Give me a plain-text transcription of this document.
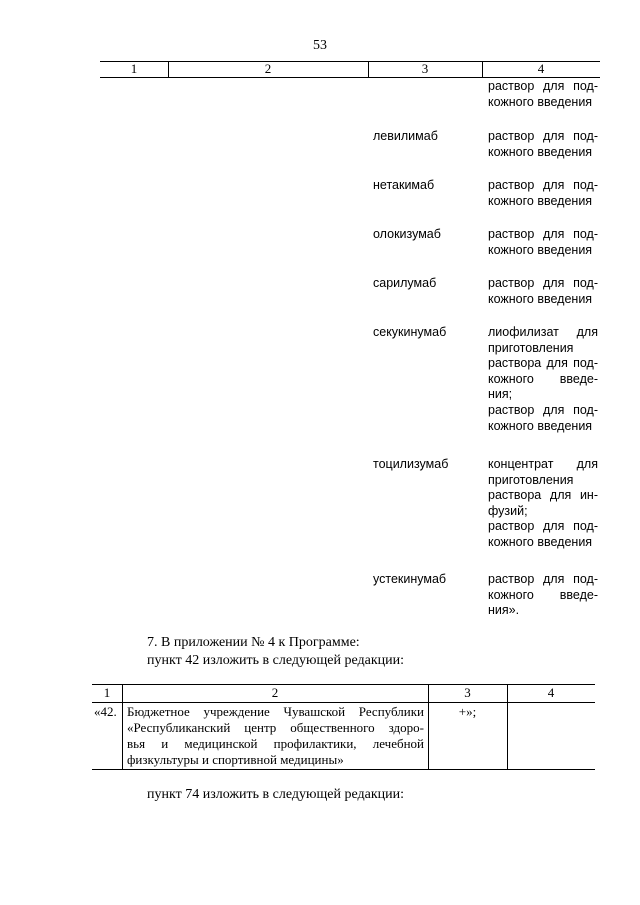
53
1	2	3	4
раствор для под-
кожного введения
левилимаб	раствор для под-
кожного введения
нетакимаб	раствор для под-
кожного введения
олокизумаб	раствор для под-
кожного введения
сарилумаб	раствор для под-
кожного введения
секукинумаб	лиофилизат для
приготовления
раствора для под-
кожного введе-
ния;
раствор для под-
кожного введения
тоцилизумаб	концентрат для
приготовления
раствора для ин-
фузий;
раствор для под-
кожного введения
устекинумаб	раствор для под-
кожного введе-
ния».
7. В приложении № 4 к Программе:
пункт 42 изложить в следующей редакции:
1	2	3	4
«42. Бюджетное учреждение Чувашской Республики
«Республиканский центр общественного здоро-
вья и медицинской профилактики, лечебной
физкультуры и спортивной медицины»
+»;
пункт 74 изложить в следующей редакции:
